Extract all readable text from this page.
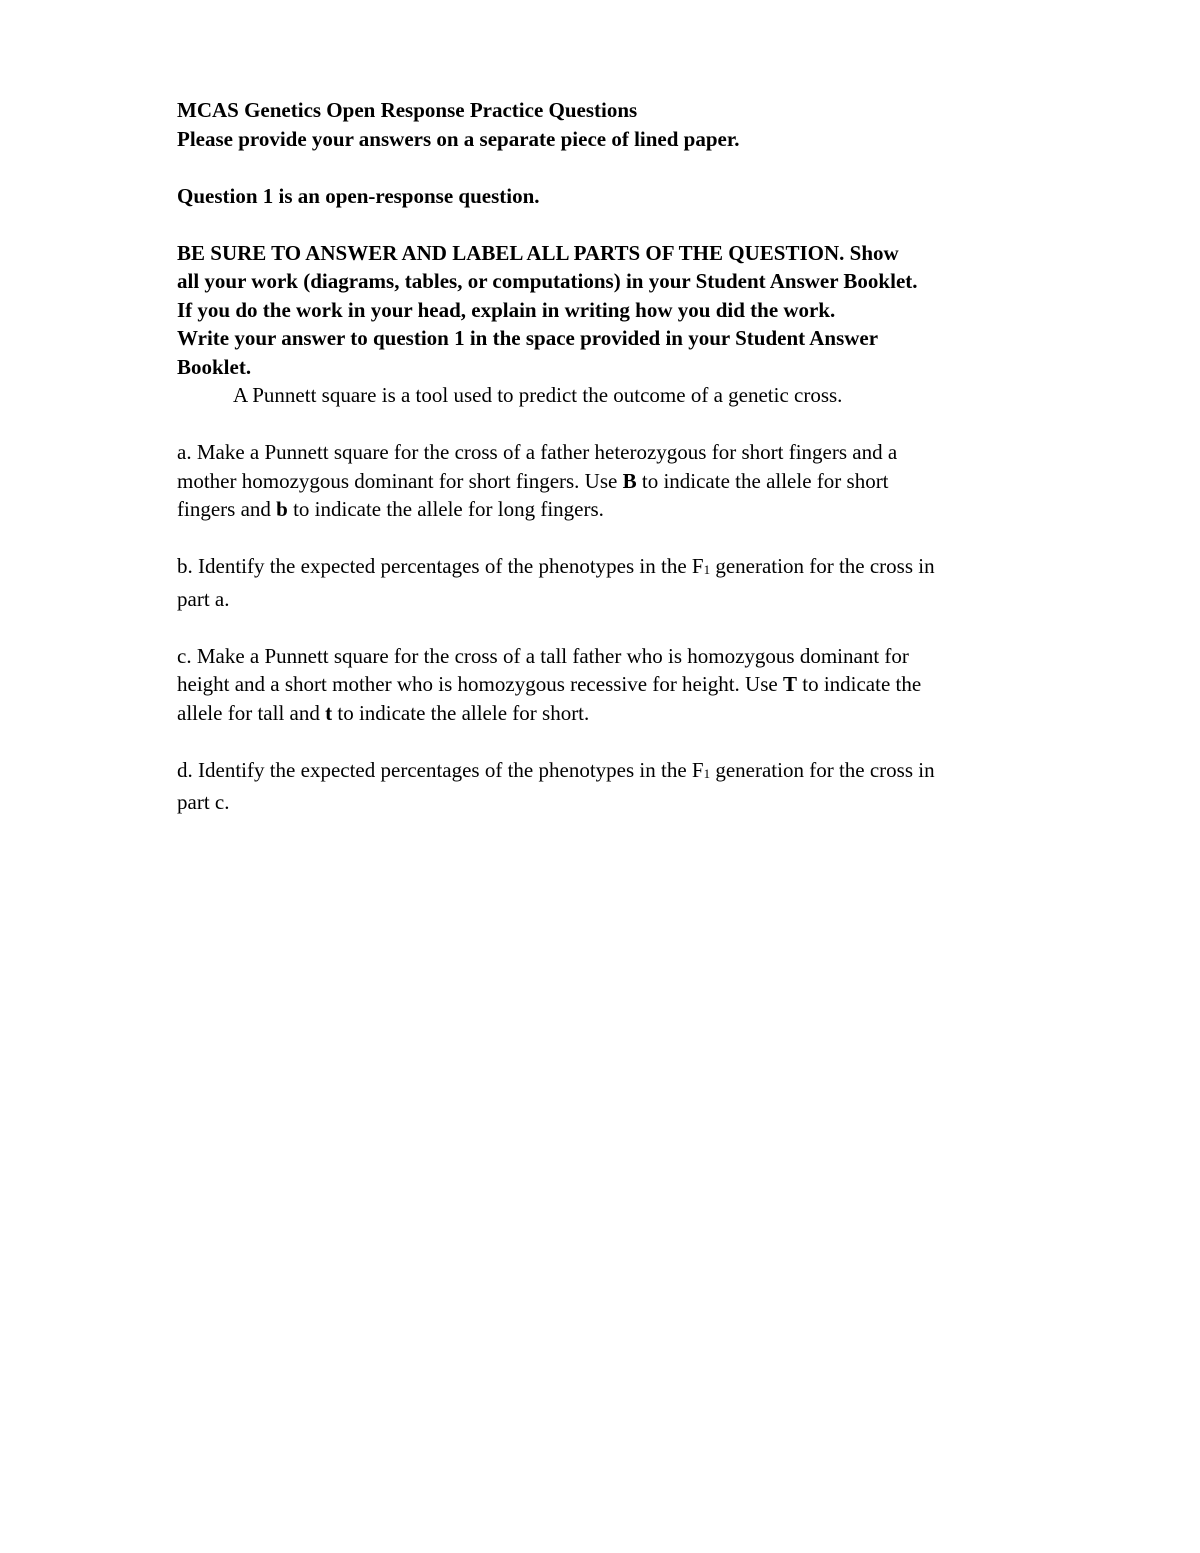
MCAS Genetics Open Response Practice Questions
Please provide your answers on a separate piece of lined paper.
Question 1 is an open-response question.
BE SURE TO ANSWER AND LABEL ALL PARTS OF THE QUESTION. Show
all your work (diagrams, tables, or computations) in your Student Answer Booklet.
If you do the work in your head, explain in writing how you did the work.
Write your answer to question 1 in the space provided in your Student Answer
Booklet.
A Punnett square is a tool used to predict the outcome of a genetic cross.
a. Make a Punnett square for the cross of a father heterozygous for short fingers and a
mother homozygous dominant for short fingers. Use B to indicate the allele for short
fingers and b to indicate the allele for long fingers.
b. Identify the expected percentages of the phenotypes in the F1 generation for the cross in
part a.
c. Make a Punnett square for the cross of a tall father who is homozygous dominant for
height and a short mother who is homozygous recessive for height. Use T to indicate the
allele for tall and t to indicate the allele for short.
d. Identify the expected percentages of the phenotypes in the F1 generation for the cross in
part c.
